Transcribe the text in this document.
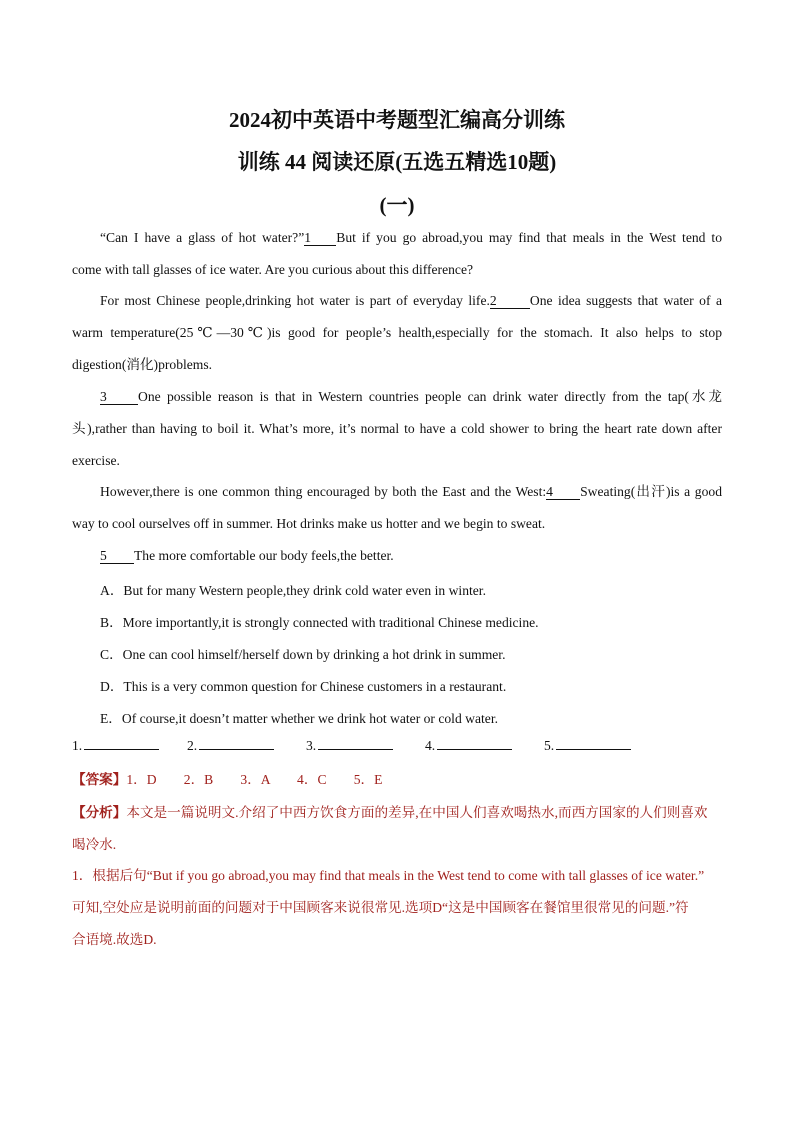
2024初中英语中考题型汇编高分训练
训练 44 阅读还原(五选五精选10题)
(一)
“Can I have a glass of hot water?”1 But if you go abroad,you may find that meals in the West tend to
come with tall glasses of ice water. Are you curious about this difference?
For most Chinese people,drinking hot water is part of everyday life.2 One idea suggests that water of a
warm temperature(25℃—30℃)is good for people’s health,especially for the stomach. It also helps to stop
digestion(消化)problems.
3 One possible reason is that in Western countries people can drink water directly from the tap(水龙
头),rather than having to boil it. What’s more, it’s normal to have a cold shower to bring the heart rate down after
exercise.
However,there is one common thing encouraged by both the East and the West:4 Sweating(出汗)is a good
way to cool ourselves off in summer. Hot drinks make us hotter and we begin to sweat.
5 The more comfortable our body feels,the better.
A．But for many Western people,they drink cold water even in winter.
B．More importantly,it is strongly connected with traditional Chinese medicine.
C．One can cool himself/herself down by drinking a hot drink in summer.
D．This is a very common question for Chinese customers in a restaurant.
E．Of course,it doesn’t matter whether we drink hot water or cold water.
1.	2.	3.	4.	5.
【答案】1．D　　2．B　　3．A　　4．C　　5．E
【分析】本文是一篇说明文.介绍了中西方饮食方面的差异,在中国人们喜欢喝热水,而西方国家的人们则喜欢
喝冷水.
1．根据后句“But if you go abroad,you may find that meals in the West tend to come with tall glasses of ice water.”
可知,空处应是说明前面的问题对于中国顾客来说很常见.选项D“这是中国顾客在餐馆里很常见的问题.”符
合语境.故选D.
